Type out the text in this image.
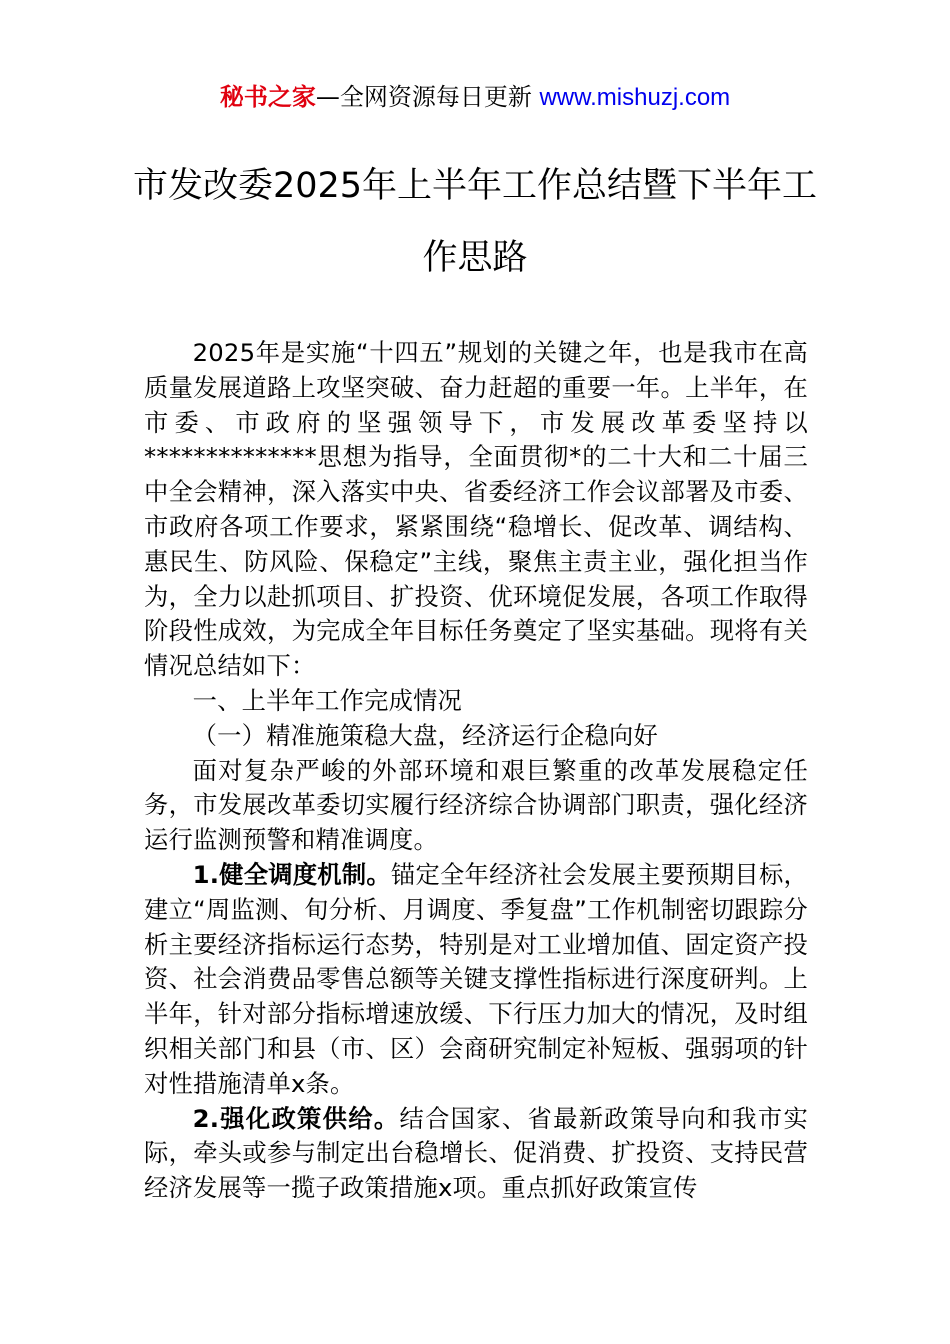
秘书之家—全网资源每日更新 www.mishuzj.com
市发改委2025年上半年工作总结暨下半年工作思路

2025年是实施“十四五”规划的关键之年，也是我市在高质量发展道路上攻坚突破、奋力赶超的重要一年。上半年，在市委、市政府的坚强领导下，市发展改革委坚持以**************思想为指导，全面贯彻*的二十大和二十届三中全会精神，深入落实中央、省委经济工作会议部署及市委、市政府各项工作要求，紧紧围绕“稳增长、促改革、调结构、惠民生、防风险、保稳定”主线，聚焦主责主业，强化担当作为，全力以赴抓项目、扩投资、优环境促发展，各项工作取得阶段性成效，为完成全年目标任务奠定了坚实基础。现将有关情况总结如下：

一、上半年工作完成情况

（一）精准施策稳大盘，经济运行企稳向好

面对复杂严峻的外部环境和艰巨繁重的改革发展稳定任务，市发展改革委切实履行经济综合协调部门职责，强化经济运行监测预警和精准调度。

1.健全调度机制。锚定全年经济社会发展主要预期目标，建立“周监测、旬分析、月调度、季复盘”工作机制密切跟踪分析主要经济指标运行态势，特别是对工业增加值、固定资产投资、社会消费品零售总额等关键支撑性指标进行深度研判。上半年，针对部分指标增速放缓、下行压力加大的情况，及时组织相关部门和县（市、区）会商研究制定补短板、强弱项的针对性措施清单x条。

2.强化政策供给。结合国家、省最新政策导向和我市实际，牵头或参与制定出台稳增长、促消费、扩投资、支持民营经济发展等一揽子政策措施x项。重点抓好政策宣传
